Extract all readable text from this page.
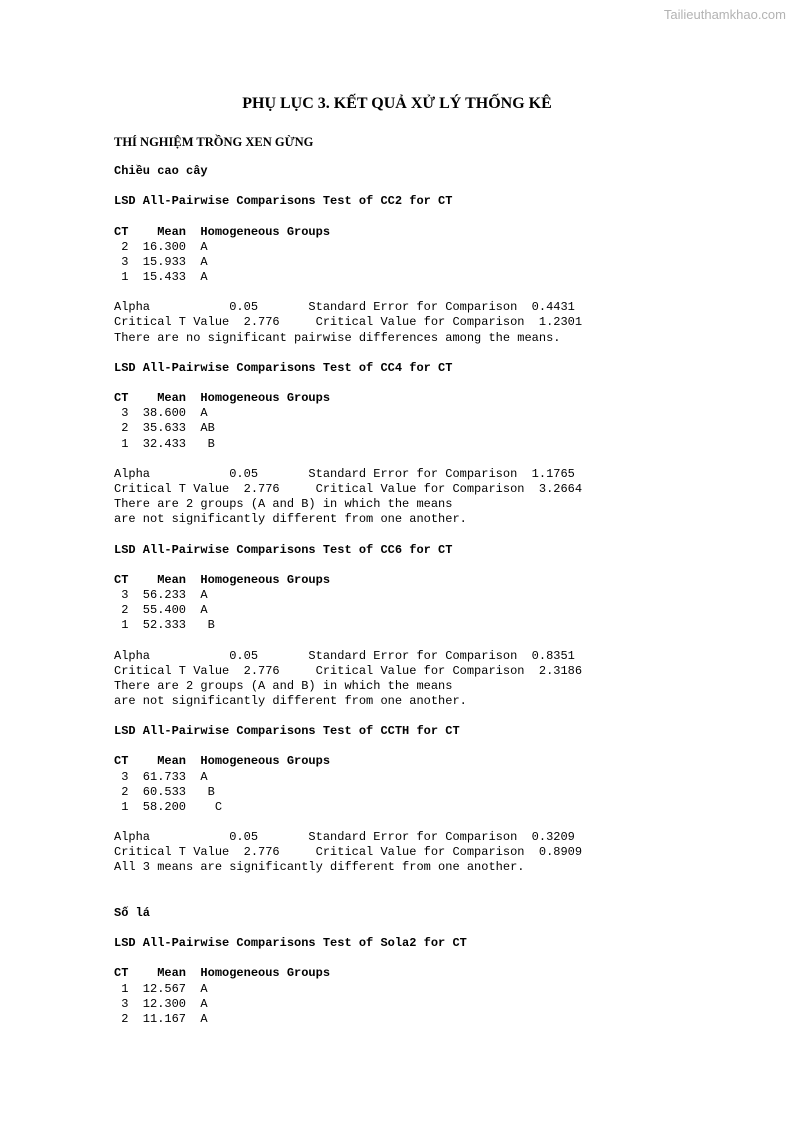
Tailieuthamkhao.com
PHỤ LỤC 3. KẾT QUẢ XỬ LÝ THỐNG KÊ
THÍ NGHIỆM TRỒNG XEN GỪNG
Chiều cao cây
LSD All-Pairwise Comparisons Test of CC2 for CT
CT    Mean  Homogeneous Groups
2  16.300  A
3  15.933  A
1  15.433  A
Alpha           0.05       Standard Error for Comparison  0.4431
Critical T Value  2.776     Critical Value for Comparison  1.2301
There are no significant pairwise differences among the means.
LSD All-Pairwise Comparisons Test of CC4 for CT
CT    Mean  Homogeneous Groups
3  38.600  A
2  35.633  AB
1  32.433   B
Alpha           0.05       Standard Error for Comparison  1.1765
Critical T Value  2.776     Critical Value for Comparison  3.2664
There are 2 groups (A and B) in which the means
are not significantly different from one another.
LSD All-Pairwise Comparisons Test of CC6 for CT
CT    Mean  Homogeneous Groups
3  56.233  A
2  55.400  A
1  52.333   B
Alpha           0.05       Standard Error for Comparison  0.8351
Critical T Value  2.776     Critical Value for Comparison  2.3186
There are 2 groups (A and B) in which the means
are not significantly different from one another.
LSD All-Pairwise Comparisons Test of CCTH for CT
CT    Mean  Homogeneous Groups
3  61.733  A
2  60.533   B
1  58.200    C
Alpha           0.05       Standard Error for Comparison  0.3209
Critical T Value  2.776     Critical Value for Comparison  0.8909
All 3 means are significantly different from one another.
Số lá
LSD All-Pairwise Comparisons Test of Sola2 for CT
CT    Mean  Homogeneous Groups
1  12.567  A
3  12.300  A
2  11.167  A
